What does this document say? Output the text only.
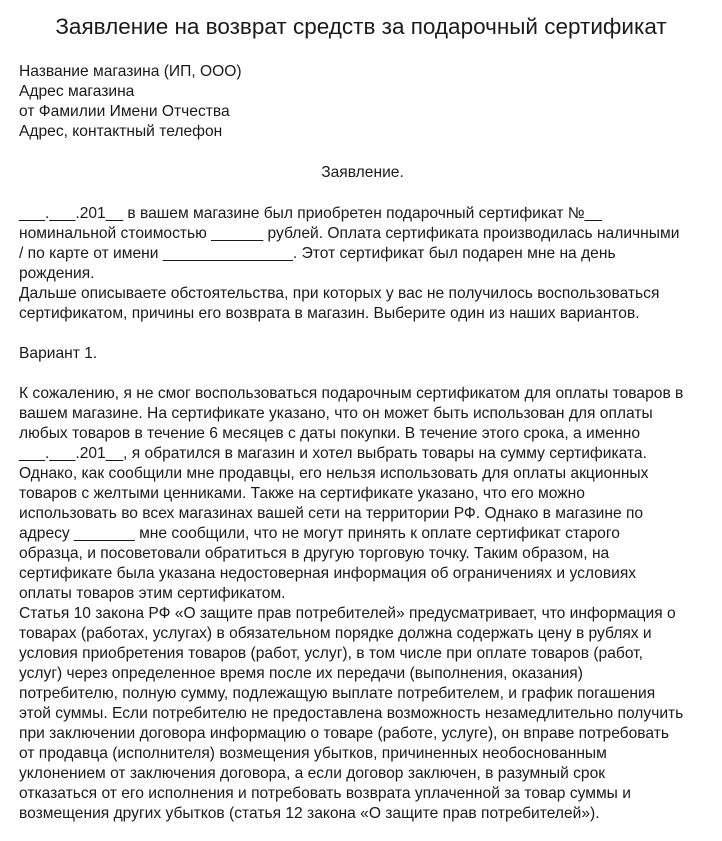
Заявление на возврат средств за подарочный сертификат
Название магазина (ИП, ООО)
Адрес магазина
от Фамилии Имени Отчества
Адрес, контактный телефон
Заявление.
___.___.201__ в вашем магазине был приобретен подарочный сертификат №__
номинальной стоимостью ______ рублей. Оплата сертификата производилась наличными
/ по карте от имени _______________. Этот сертификат был подарен мне на день
рождения.
Дальше описываете обстоятельства, при которых у вас не получилось воспользоваться
сертификатом, причины его возврата в магазин. Выберите один из наших вариантов.
Вариант 1.
К сожалению, я не смог воспользоваться подарочным сертификатом для оплаты товаров в
вашем магазине. На сертификате указано, что он может быть использован для оплаты
любых товаров в течение 6 месяцев с даты покупки. В течение этого срока, а именно
___.___.201__, я обратился в магазин и хотел выбрать товары на сумму сертификата.
Однако, как сообщили мне продавцы, его нельзя использовать для оплаты акционных
товаров с желтыми ценниками. Также на сертификате указано, что его можно
использовать во всех магазинах вашей сети на территории РФ. Однако в магазине по
адресу _______ мне сообщили, что не могут принять к оплате сертификат старого
образца, и посоветовали обратиться в другую торговую точку. Таким образом, на
сертификате была указана недостоверная информация об ограничениях и условиях
оплаты товаров этим сертификатом.
Статья 10 закона РФ «О защите прав потребителей» предусматривает, что информация о
товарах (работах, услугах) в обязательном порядке должна содержать цену в рублях и
условия приобретения товаров (работ, услуг), в том числе при оплате товаров (работ,
услуг) через определенное время после их передачи (выполнения, оказания)
потребителю, полную сумму, подлежащую выплате потребителем, и график погашения
этой суммы. Если потребителю не предоставлена возможность незамедлительно получить
при заключении договора информацию о товаре (работе, услуге), он вправе потребовать
от продавца (исполнителя) возмещения убытков, причиненных необоснованным
уклонением от заключения договора, а если договор заключен, в разумный срок
отказаться от его исполнения и потребовать возврата уплаченной за товар суммы и
возмещения других убытков (статья 12 закона «О защите прав потребителей»).
